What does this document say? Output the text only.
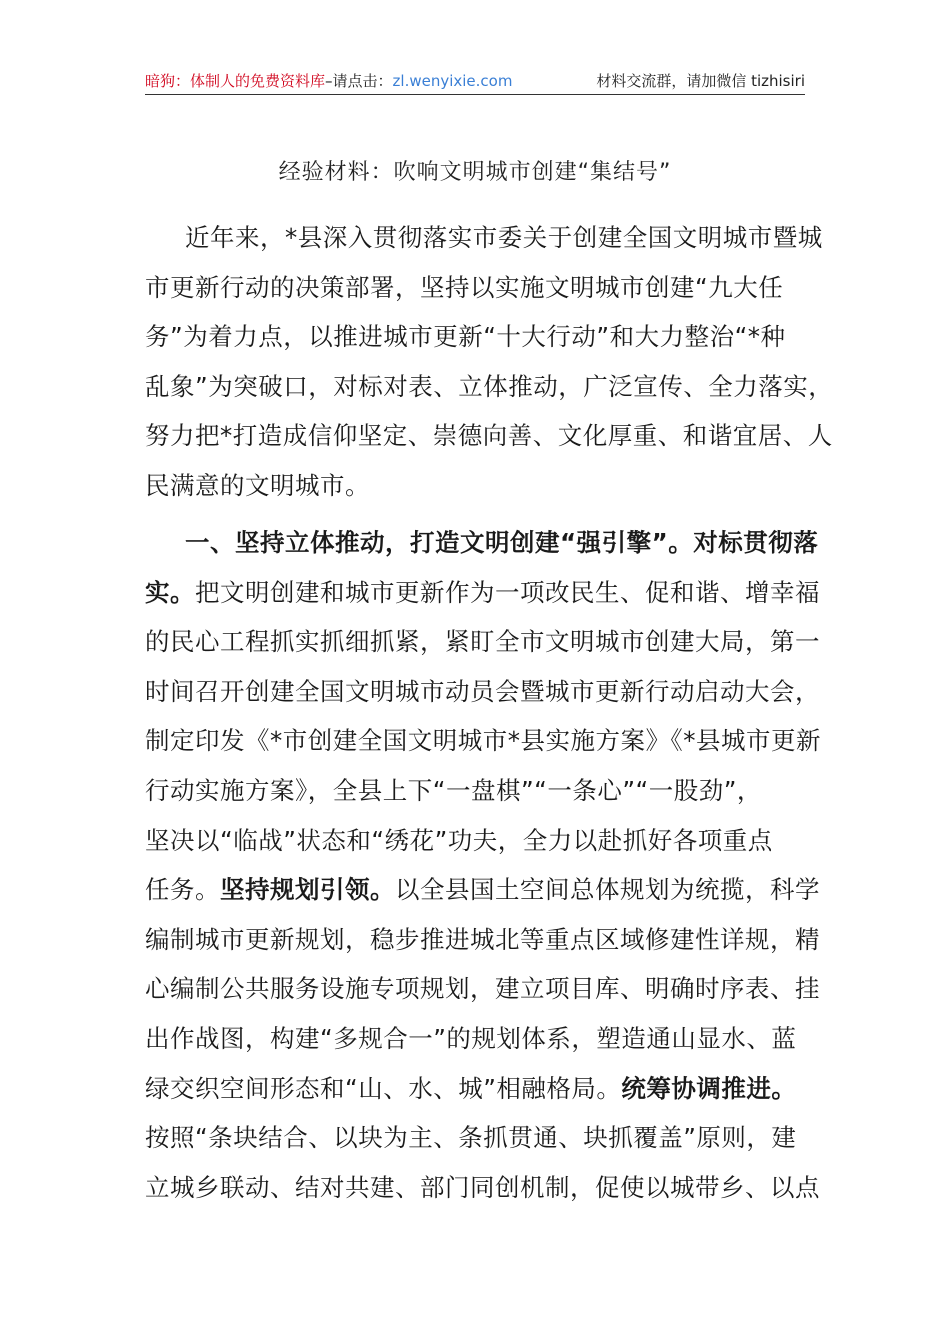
暗狗：体制人的免费资料库–请点击：zl.wenyixie.com	材料交流群，请加微信 tizhisiri
经验材料：吹响文明城市创建“集结号”
近年来，*县深入贯彻落实市委关于创建全国文明城市暨城
市更新行动的决策部署，坚持以实施文明城市创建“九大任
务”为着力点，以推进城市更新“十大行动”和大力整治“*种
乱象”为突破口，对标对表、立体推动，广泛宣传、全力落实，
努力把*打造成信仰坚定、崇德向善、文化厚重、和谐宜居、人
民满意的文明城市。
一、坚持立体推动，打造文明创建“强引擎”。对标贯彻落
实。把文明创建和城市更新作为一项改民生、促和谐、增幸福
的民心工程抓实抓细抓紧，紧盯全市文明城市创建大局，第一
时间召开创建全国文明城市动员会暨城市更新行动启动大会，
制定印发《*市创建全国文明城市*县实施方案》《*县城市更新
行动实施方案》，全县上下“一盘棋”“一条心”“一股劲”，
坚决以“临战”状态和“绣花”功夫，全力以赴抓好各项重点
任务。坚持规划引领。以全县国土空间总体规划为统揽，科学
编制城市更新规划，稳步推进城北等重点区域修建性详规，精
心编制公共服务设施专项规划，建立项目库、明确时序表、挂
出作战图，构建“多规合一”的规划体系，塑造通山显水、蓝
绿交织空间形态和“山、水、城”相融格局。统筹协调推进。
按照“条块结合、以块为主、条抓贯通、块抓覆盖”原则，建
立城乡联动、结对共建、部门同创机制，促使以城带乡、以点
